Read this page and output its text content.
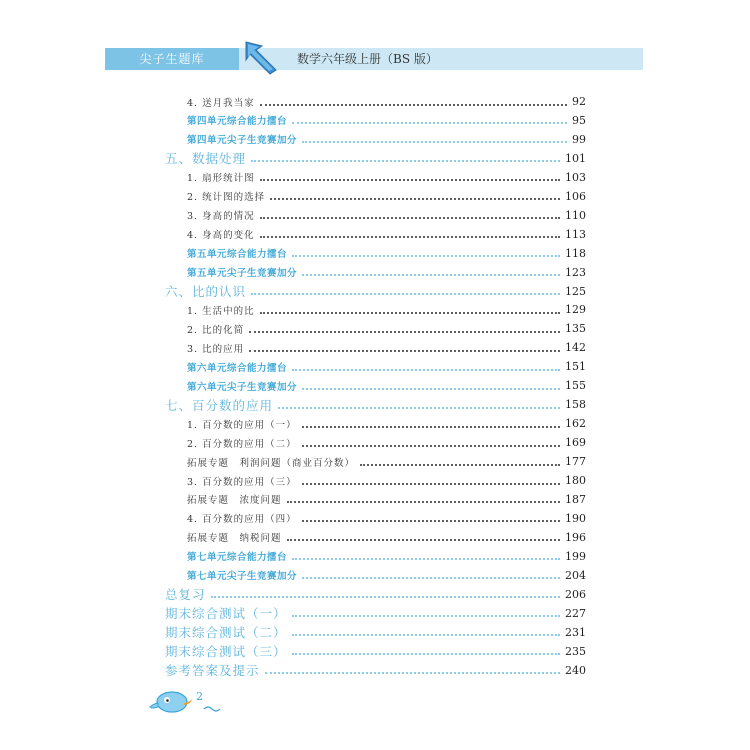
尖子生题库	数学六年级上册（BS 版）
4. 送月我当家	92
第四单元综合能力擂台	95
第四单元尖子生竞赛加分	99
五、数据处理	101
1. 扇形统计图	103
2. 统计图的选择	106
3. 身高的情况	110
4. 身高的变化	113
第五单元综合能力擂台	118
第五单元尖子生竞赛加分	123
六、比的认识	125
1. 生活中的比	129
2. 比的化简	135
3. 比的应用	142
第六单元综合能力擂台	151
第六单元尖子生竞赛加分	155
七、百分数的应用	158
1. 百分数的应用（一）	162
2. 百分数的应用（二）	169
拓展专题　利润问题（商业百分数）	177
3. 百分数的应用（三）	180
拓展专题　浓度问题	187
4. 百分数的应用（四）	190
拓展专题　纳税问题	196
第七单元综合能力擂台	199
第七单元尖子生竞赛加分	204
总复习	206
期末综合测试（一）	227
期末综合测试（二）	231
期末综合测试（三）	235
参考答案及提示	240
2
